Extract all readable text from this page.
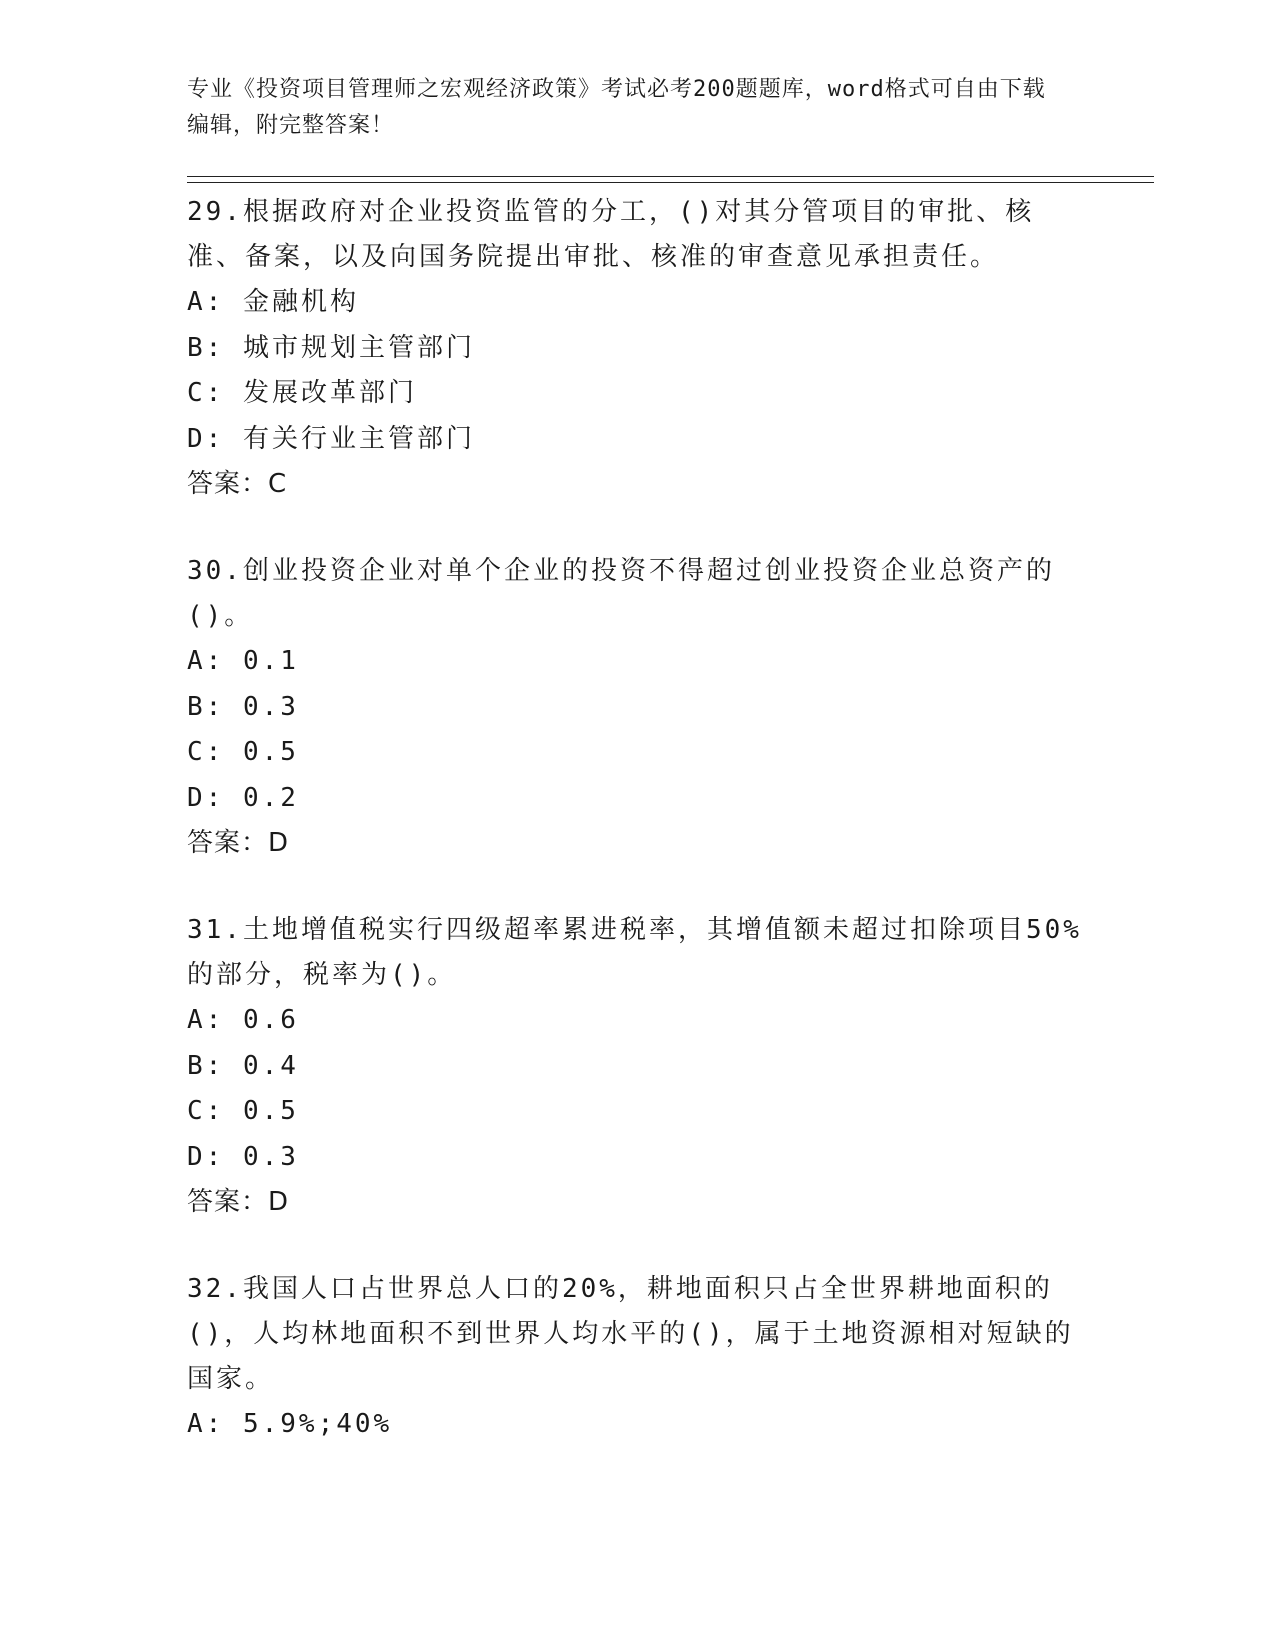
专业《投资项目管理师之宏观经济政策》考试必考200题题库，word格式可自由下载编辑，附完整答案！

29.根据政府对企业投资监管的分工，()对其分管项目的审批、核准、备案，以及向国务院提出审批、核准的审查意见承担责任。

A: 金融机构

B: 城市规划主管部门

C: 发展改革部门

D: 有关行业主管部门

答案：C

30.创业投资企业对单个企业的投资不得超过创业投资企业总资产的()。

A: 0.1

B: 0.3

C: 0.5

D: 0.2

答案：D

31.土地增值税实行四级超率累进税率，其增值额未超过扣除项目50%的部分，税率为()。

A: 0.6

B: 0.4

C: 0.5

D: 0.3

答案：D

32.我国人口占世界总人口的20%，耕地面积只占全世界耕地面积的()，人均林地面积不到世界人均水平的()，属于土地资源相对短缺的国家。

A: 5.9%;40%
